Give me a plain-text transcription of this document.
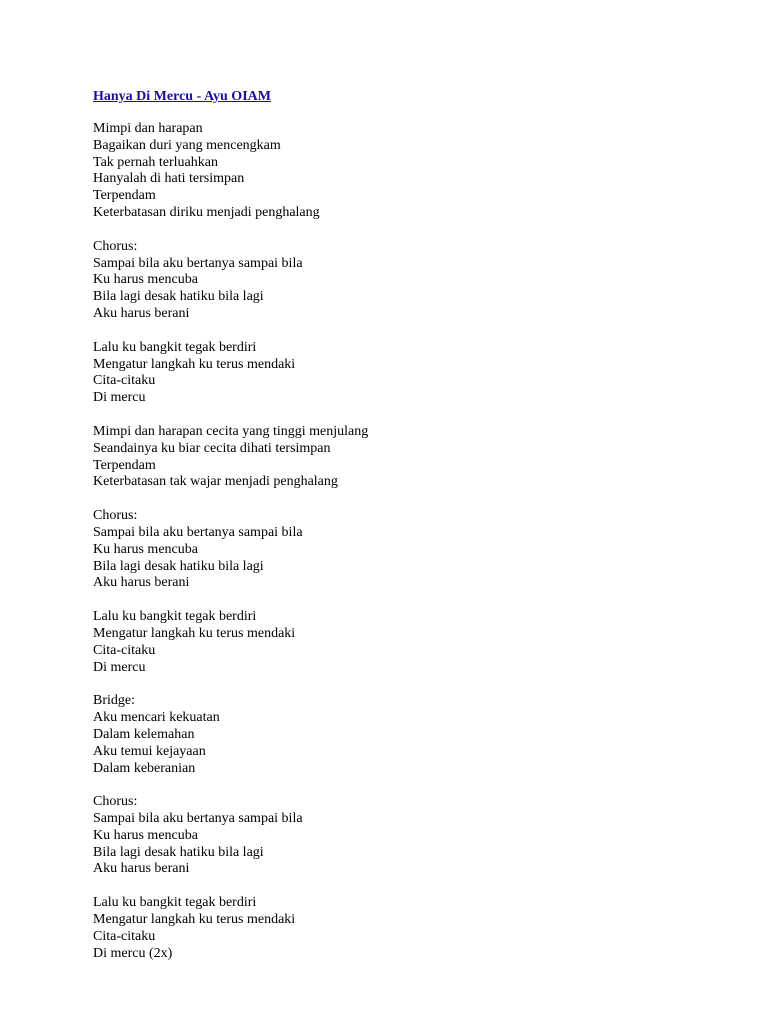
Hanya Di Mercu - Ayu OIAM
Mimpi dan harapan
Bagaikan duri yang mencengkam
Tak pernah terluahkan
Hanyalah di hati tersimpan
Terpendam
Keterbatasan diriku menjadi penghalang
Chorus:
Sampai bila aku bertanya sampai bila
Ku harus mencuba
Bila lagi desak hatiku bila lagi
Aku harus berani
Lalu ku bangkit tegak berdiri
Mengatur langkah ku terus mendaki
Cita-citaku
Di mercu
Mimpi dan harapan cecita yang tinggi menjulang
Seandainya ku biar cecita dihati tersimpan
Terpendam
Keterbatasan tak wajar menjadi penghalang
Chorus:
Sampai bila aku bertanya sampai bila
Ku harus mencuba
Bila lagi desak hatiku bila lagi
Aku harus berani
Lalu ku bangkit tegak berdiri
Mengatur langkah ku terus mendaki
Cita-citaku
Di mercu
Bridge:
Aku mencari kekuatan
Dalam kelemahan
Aku temui kejayaan
Dalam keberanian
Chorus:
Sampai bila aku bertanya sampai bila
Ku harus mencuba
Bila lagi desak hatiku bila lagi
Aku harus berani
Lalu ku bangkit tegak berdiri
Mengatur langkah ku terus mendaki
Cita-citaku
Di mercu (2x)
